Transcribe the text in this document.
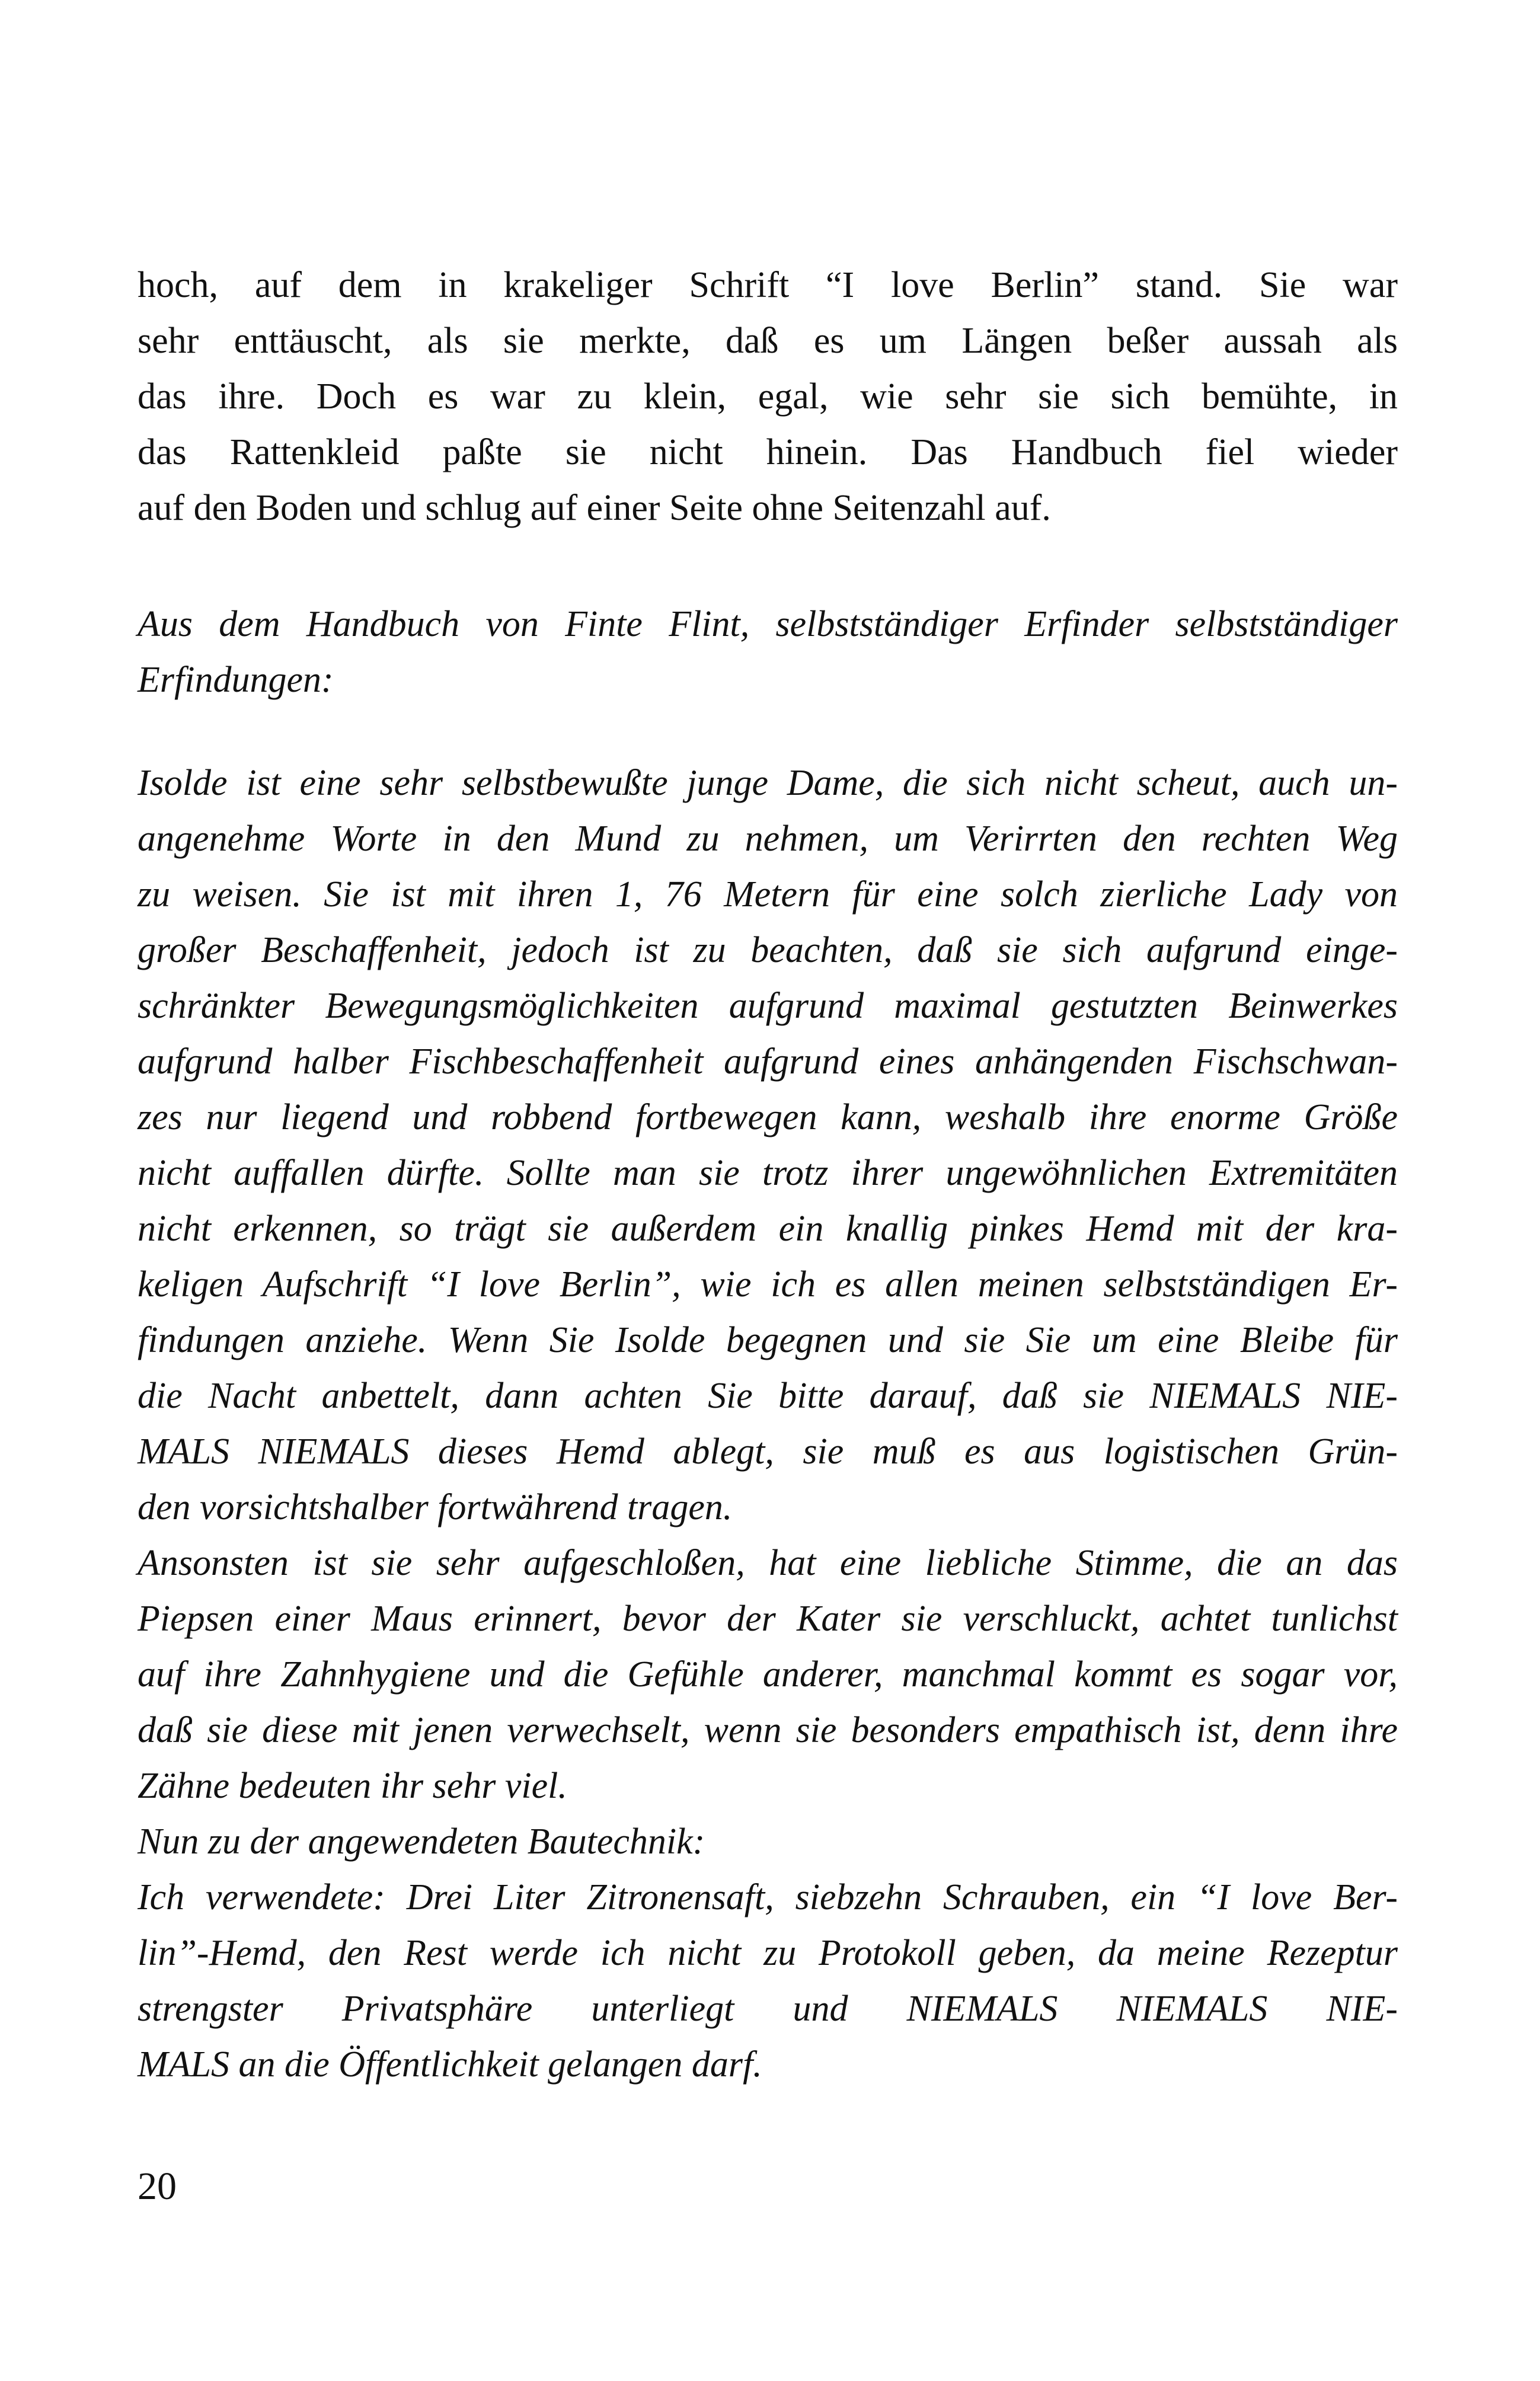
hoch, auf dem in krakeliger Schrift “I love Berlin” stand. Sie war
sehr enttäuscht, als sie merkte, daß es um Längen beßer aussah als
das ihre. Doch es war zu klein, egal, wie sehr sie sich bemühte, in
das Rattenkleid paßte sie nicht hinein. Das Handbuch fiel wieder
auf den Boden und schlug auf einer Seite ohne Seitenzahl auf.
Aus dem Handbuch von Finte Flint, selbstständiger Erfinder selbstständiger
Erfindungen:
Isolde ist eine sehr selbstbewußte junge Dame, die sich nicht scheut, auch un-
angenehme Worte in den Mund zu nehmen, um Verirrten den rechten Weg
zu weisen. Sie ist mit ihren 1, 76 Metern für eine solch zierliche Lady von
großer Beschaffenheit, jedoch ist zu beachten, daß sie sich aufgrund einge-
schränkter Bewegungsmöglichkeiten aufgrund maximal gestutzten Beinwerkes
aufgrund halber Fischbeschaffenheit aufgrund eines anhängenden Fischschwan-
zes nur liegend und robbend fortbewegen kann, weshalb ihre enorme Größe
nicht auffallen dürfte. Sollte man sie trotz ihrer ungewöhnlichen Extremitäten
nicht erkennen, so trägt sie außerdem ein knallig pinkes Hemd mit der kra-
keligen Aufschrift “I love Berlin”, wie ich es allen meinen selbstständigen Er-
findungen anziehe. Wenn Sie Isolde begegnen und sie Sie um eine Bleibe für
die Nacht anbettelt, dann achten Sie bitte darauf, daß sie NIEMALS NIE-
MALS NIEMALS dieses Hemd ablegt, sie muß es aus logistischen Grün-
den vorsichtshalber fortwährend tragen.
Ansonsten ist sie sehr aufgeschloßen, hat eine liebliche Stimme, die an das
Piepsen einer Maus erinnert, bevor der Kater sie verschluckt, achtet tunlichst
auf ihre Zahnhygiene und die Gefühle anderer, manchmal kommt es sogar vor,
daß sie diese mit jenen verwechselt, wenn sie besonders empathisch ist, denn ihre
Zähne bedeuten ihr sehr viel.
Nun zu der angewendeten Bautechnik:
Ich verwendete: Drei Liter Zitronensaft, siebzehn Schrauben, ein “I love Ber-
lin”-Hemd, den Rest werde ich nicht zu Protokoll geben, da meine Rezeptur
strengster Privatsphäre unterliegt und NIEMALS NIEMALS NIE-
MALS an die Öffentlichkeit gelangen darf.
20
